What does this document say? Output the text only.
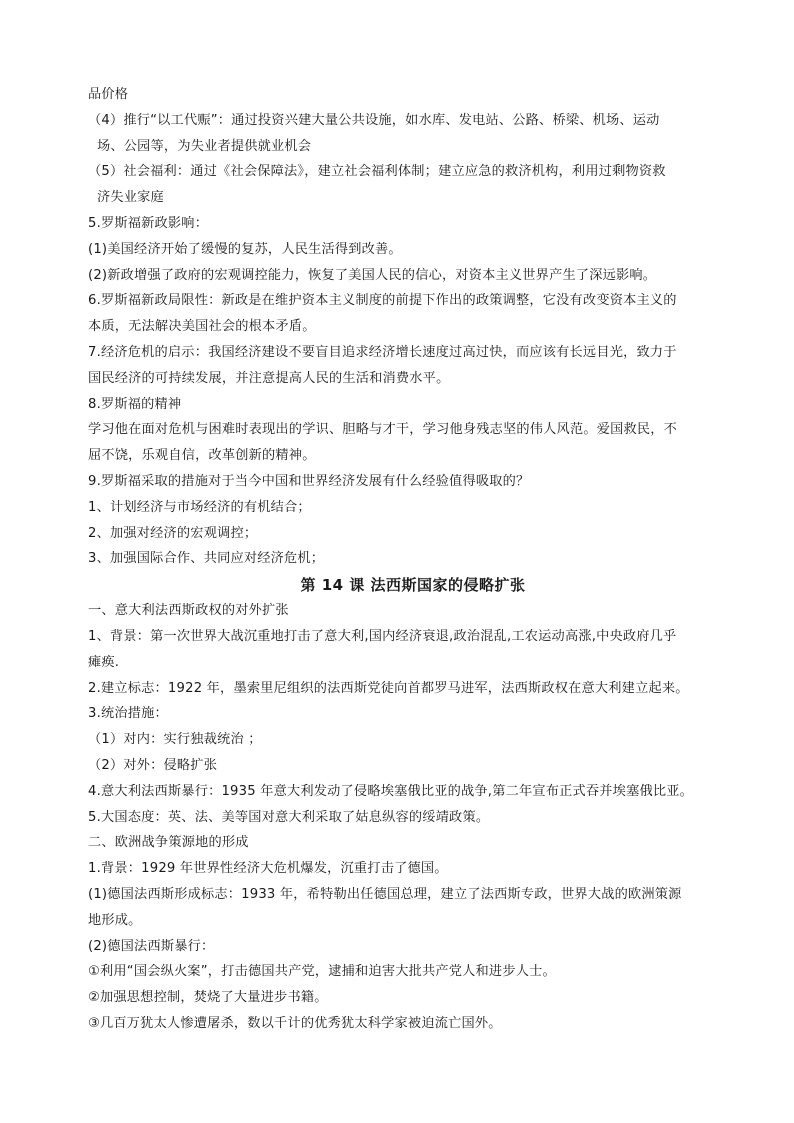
品价格
（4）推行“以工代赈”：通过投资兴建大量公共设施，如水库、发电站、公路、桥梁、机场、运动
场、公园等，为失业者提供就业机会
（5）社会福利：通过《社会保障法》，建立社会福利体制；建立应急的救济机构，利用过剩物资救
济失业家庭
5.罗斯福新政影响：
(1)美国经济开始了缓慢的复苏，人民生活得到改善。
(2)新政增强了政府的宏观调控能力，恢复了美国人民的信心，对资本主义世界产生了深远影响。
6.罗斯福新政局限性：新政是在维护资本主义制度的前提下作出的政策调整，它没有改变资本主义的
本质，无法解决美国社会的根本矛盾。
7.经济危机的启示：我国经济建设不要盲目追求经济增长速度过高过快，而应该有长远目光，致力于
国民经济的可持续发展，并注意提高人民的生活和消费水平。
8.罗斯福的精神
学习他在面对危机与困难时表现出的学识、胆略与才干，学习他身残志坚的伟人风范。爱国救民，不
屈不饶，乐观自信，改革创新的精神。
9.罗斯福采取的措施对于当今中国和世界经济发展有什么经验值得吸取的？
1、计划经济与市场经济的有机结合；
2、加强对经济的宏观调控；
3、加强国际合作、共同应对经济危机；
第 14 课 法西斯国家的侵略扩张
一、意大利法西斯政权的对外扩张
1、背景：第一次世界大战沉重地打击了意大利,国内经济衰退,政治混乱,工农运动高涨,中央政府几乎
瘫痪.
2.建立标志：1922 年，墨索里尼组织的法西斯党徒向首都罗马进军，法西斯政权在意大利建立起来。
3.统治措施：
（1）对内：实行独裁统治 ；
（2）对外：侵略扩张
4.意大利法西斯暴行：1935 年意大利发动了侵略埃塞俄比亚的战争,第二年宣布正式吞并埃塞俄比亚。
5.大国态度：英、法、美等国对意大利采取了姑息纵容的绥靖政策。
二、欧洲战争策源地的形成
1.背景：1929 年世界性经济大危机爆发，沉重打击了德国。
(1)德国法西斯形成标志：1933 年，希特勒出任德国总理，建立了法西斯专政，世界大战的欧洲策源
地形成。
(2)德国法西斯暴行：
①利用“国会纵火案”，打击德国共产党，逮捕和迫害大批共产党人和进步人士。
②加强思想控制，焚烧了大量进步书籍。
③几百万犹太人惨遭屠杀，数以千计的优秀犹太科学家被迫流亡国外。
